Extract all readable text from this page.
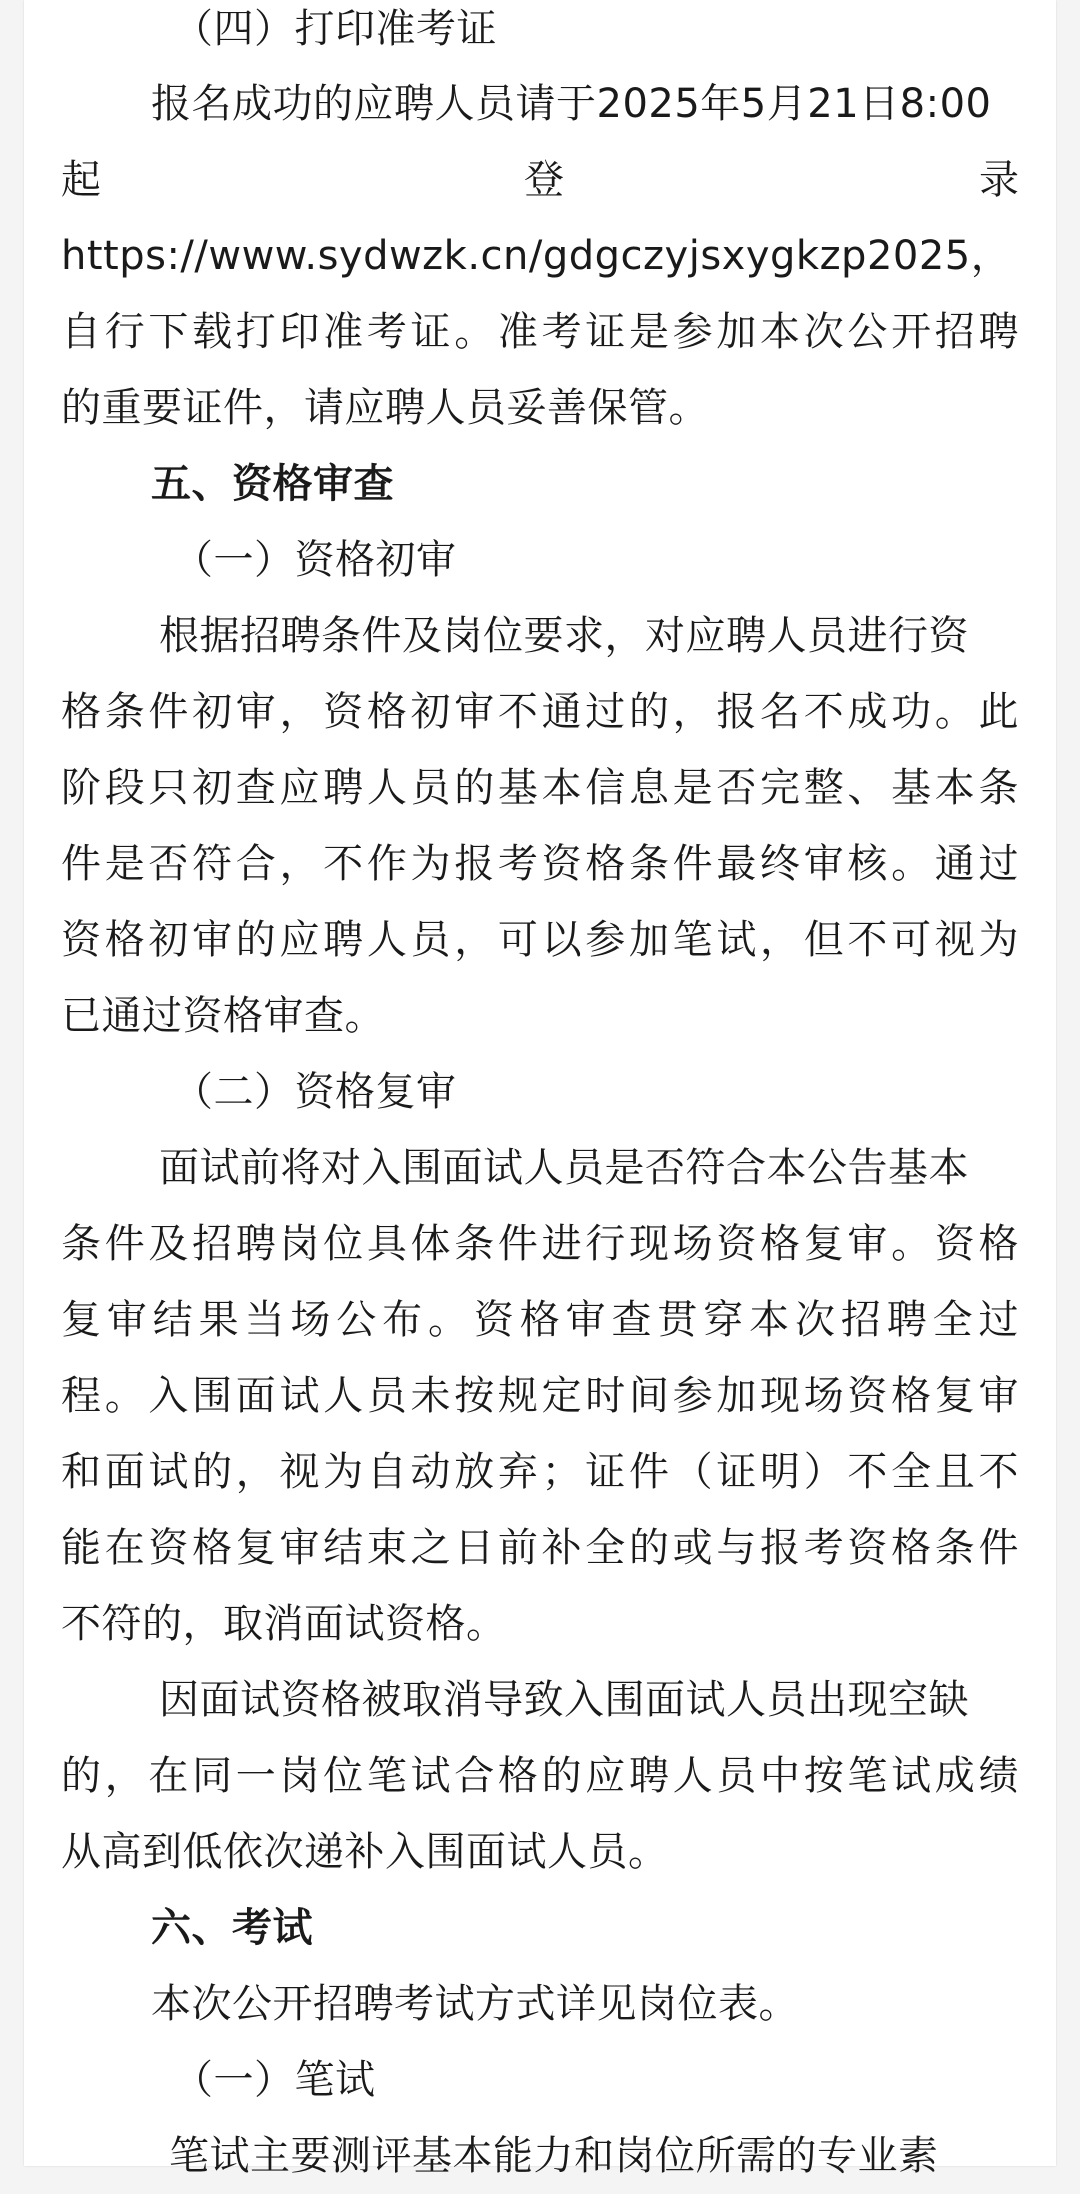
（四）打印准考证
报名成功的应聘人员请于2025年5月21日8:00
起	登	录
https://www.sydwzk.cn/gdgczyjsxygkzp2025，
自行下载打印准考证。准考证是参加本次公开招聘
的重要证件，请应聘人员妥善保管。
五、资格审查
（一）资格初审
根据招聘条件及岗位要求，对应聘人员进行资
格条件初审，资格初审不通过的，报名不成功。此
阶段只初查应聘人员的基本信息是否完整、基本条
件是否符合，不作为报考资格条件最终审核。通过
资格初审的应聘人员，可以参加笔试，但不可视为
已通过资格审查。
（二）资格复审
面试前将对入围面试人员是否符合本公告基本
条件及招聘岗位具体条件进行现场资格复审。资格
复审结果当场公布。资格审查贯穿本次招聘全过
程。入围面试人员未按规定时间参加现场资格复审
和面试的，视为自动放弃；证件（证明）不全且不
能在资格复审结束之日前补全的或与报考资格条件
不符的，取消面试资格。
因面试资格被取消导致入围面试人员出现空缺
的，在同一岗位笔试合格的应聘人员中按笔试成绩
从高到低依次递补入围面试人员。
六、考试
本次公开招聘考试方式详见岗位表。
（一）笔试
笔试主要测评基本能力和岗位所需的专业素
